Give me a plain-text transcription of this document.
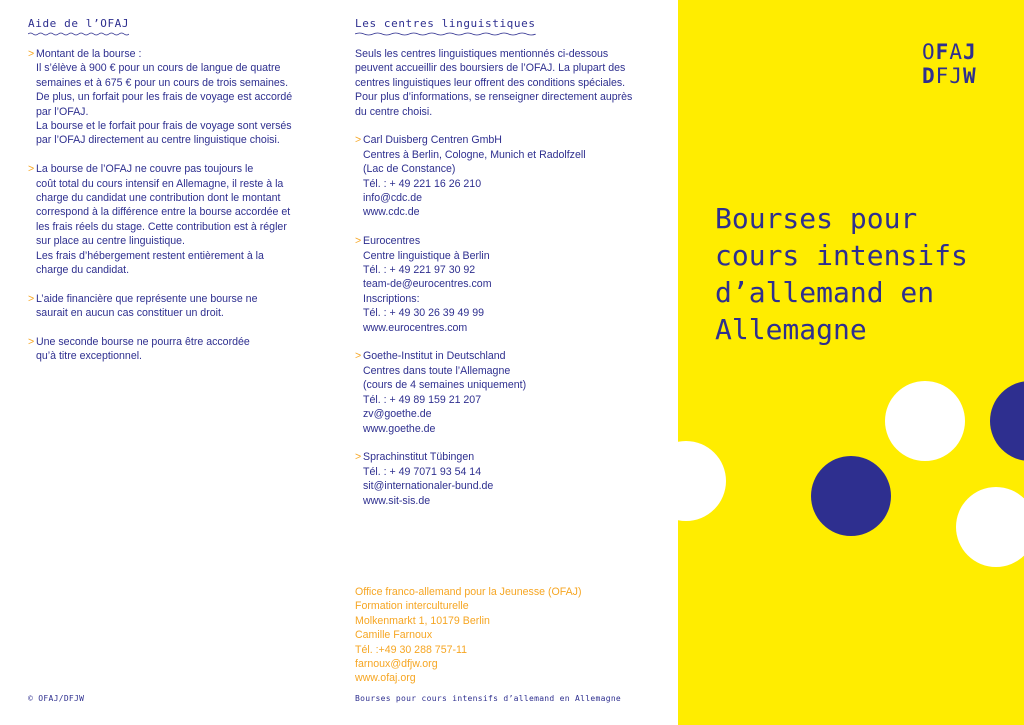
Aide de l’OFAJ
> Montant de la bourse :
Il s’élève à 900 € pour un cours de langue de quatre
semaines et à 675 € pour un cours de trois semaines.
De plus, un forfait pour les frais de voyage est accordé
par l’OFAJ.
La bourse et le forfait pour frais de voyage sont versés
par l’OFAJ directement au centre linguistique choisi.
> La bourse de l’OFAJ ne couvre pas toujours le
coût total du cours intensif en Allemagne, il reste à la
charge du candidat une contribution dont le montant
correspond à la différence entre la bourse accordée et
les frais réels du stage. Cette contribution est à régler
sur place au centre linguistique.
Les frais d’hébergement restent entièrement à la
charge du candidat.
> L’aide financière que représente une bourse ne
saurait en aucun cas constituer un droit.
> Une seconde bourse ne pourra être accordée
qu’à titre exceptionnel.
Les centres linguistiques

Seuls les centres linguistiques mentionnés ci-dessous
peuvent accueillir des boursiers de l’OFAJ. La plupart des
centres linguistiques leur offrent des conditions spéciales.
Pour plus d’informations, se renseigner directement auprès
du centre choisi.

> Carl Duisberg Centren GmbH
Centres à Berlin, Cologne, Munich et Radolfzell
(Lac de Constance)
Tél. : + 49 221 16 26 210
info@cdc.de
www.cdc.de
> Eurocentres
Centre linguistique à Berlin
Tél. : + 49 221 97 30 92
team-de@eurocentres.com
Inscriptions:
Tél. : + 49 30 26 39 49 99
www.eurocentres.com
> Goethe-Institut in Deutschland
Centres dans toute l’Allemagne
(cours de 4 semaines uniquement)
Tél. : + 49 89 159 21 207
zv@goethe.de
www.goethe.de
> Sprachinstitut Tübingen
Tél. : + 49 7071 93 54 14
sit@internationaler-bund.de
www.sit-sis.de
Office franco-allemand pour la Jeunesse (OFAJ)
Formation interculturelle
Molkenmarkt 1, 10179 Berlin
Camille Farnoux
Tél. :+49 30 288 757-11
farnoux@dfjw.org
www.ofaj.org
© OFAJ/DFJW	Bourses pour cours intensifs d’allemand en Allemagne
OFAJ
DFJW
Bourses pour
cours intensifs
d’allemand en
Allemagne
